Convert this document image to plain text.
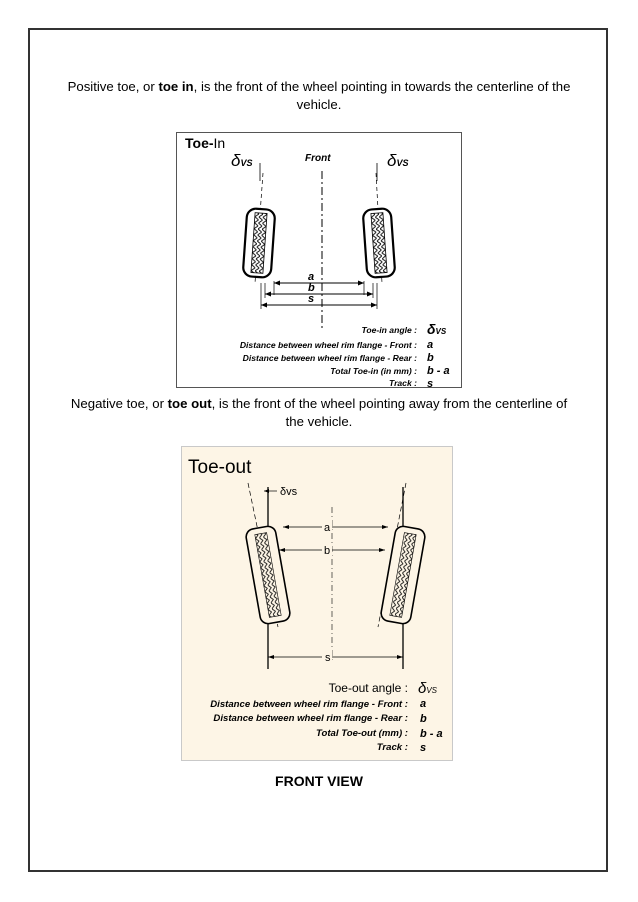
Positive toe, or toe in, is the front of the wheel pointing in towards the centerline of the vehicle.
Toe-In
δVS	δVS
Front
a
b
s
Toe-in angle :
Distance between wheel rim flange - Front :
Distance between wheel rim flange - Rear :
Total Toe-in (in mm) :
Track :
δVS
a
b
b - a
s
Negative toe, or toe out, is the front of the wheel pointing away from the centerline of the vehicle.
Toe-out
δvs
a
b
s
Toe-out angle :
Distance between wheel rim flange - Front :
Distance between wheel rim flange - Rear :
Total Toe-out (mm) :
Track :
δVS
a
b
b - a
s
FRONT VIEW
